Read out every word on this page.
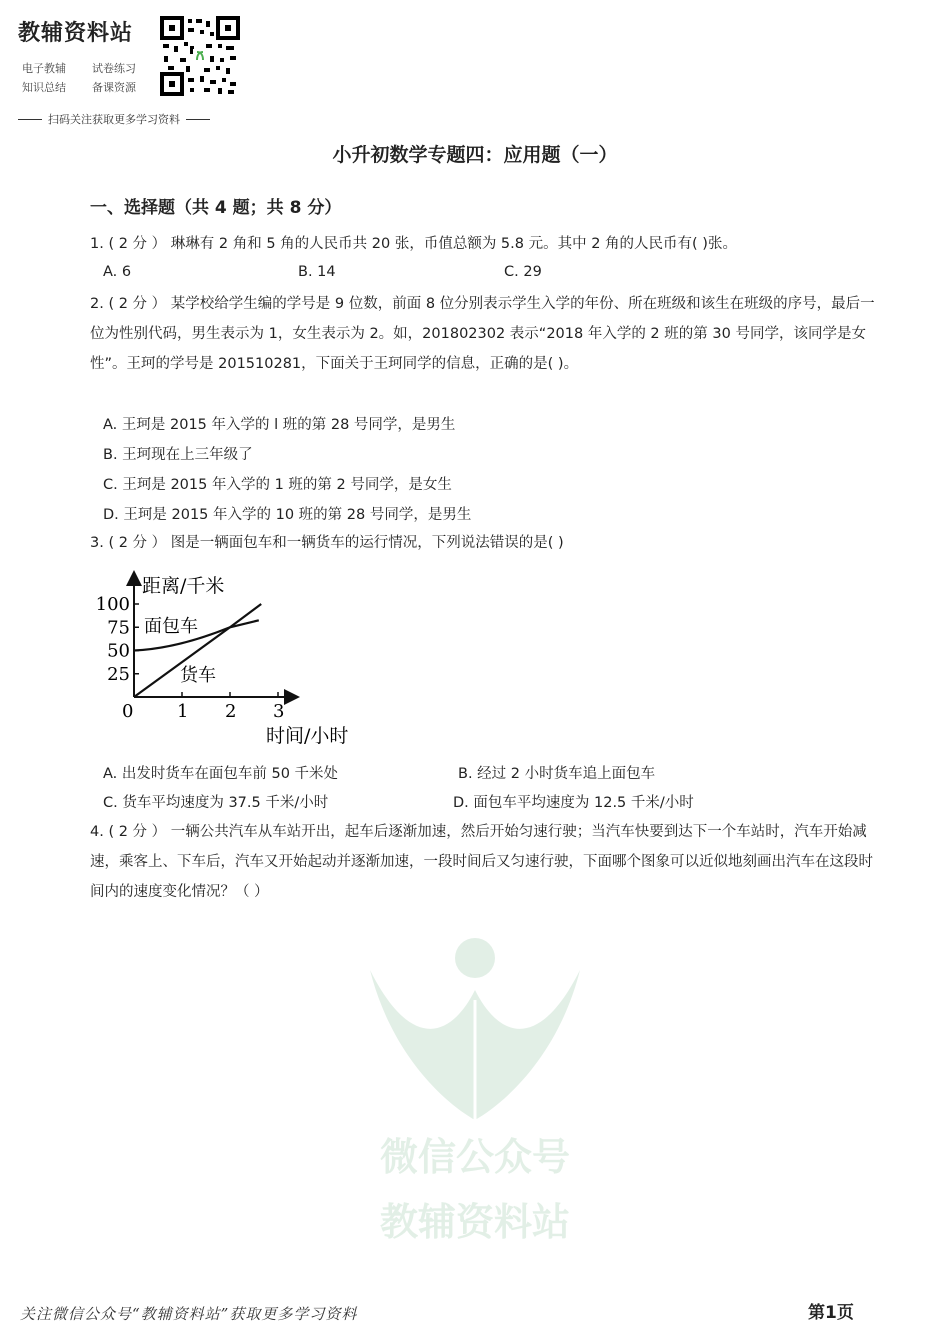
教辅资料站
电子教辅 试卷练习
知识总结 备课资源
扫码关注获取更多学习资料
小升初数学专题四：应用题（一）
一、选择题（共 4 题；共 8 分）
1. ( 2 分 ） 琳琳有 2 角和 5 角的人民币共 20 张，币值总额为 5.8 元。其中 2 角的人民币有( )张。
A. 6	B. 14	C. 29
2. ( 2 分 ） 某学校给学生编的学号是 9 位数，前面 8 位分别表示学生入学的年份、所在班级和该生在班级的序号，最后一位为性别代码，男生表示为 1，女生表示为 2。如，201802302 表示“2018 年入学的 2 班的第 30 号同学，该同学是女性”。王珂的学号是 201510281，下面关于王珂同学的信息，正确的是( )。
A. 王珂是 2015 年入学的 l 班的第 28 号同学，是男生
B. 王珂现在上三年级了
C. 王珂是 2015 年入学的 1 班的第 2 号同学，是女生
D. 王珂是 2015 年入学的 10 班的第 28 号同学，是男生
3. ( 2 分 ） 图是一辆面包车和一辆货车的运行情况，下列说法错误的是( )
距离/千米
时间/小时
0 1 2 3
25
50
75
100
面包车
货车
A. 出发时货车在面包车前 50 千米处	B. 经过 2 小时货车追上面包车
C. 货车平均速度为 37.5 千米/小时	D. 面包车平均速度为 12.5 千米/小时
4. ( 2 分 ） 一辆公共汽车从车站开出，起车后逐渐加速，然后开始匀速行驶；当汽车快要到达下一个车站时，汽车开始减速，乘客上、下车后，汽车又开始起动并逐渐加速，一段时间后又匀速行驶，下面哪个图象可以近似地刻画出汽车在这段时间内的速度变化情况？（ ）
微信公众号
教辅资料站
关注微信公众号“教辅资料站”获取更多学习资料	第1页
